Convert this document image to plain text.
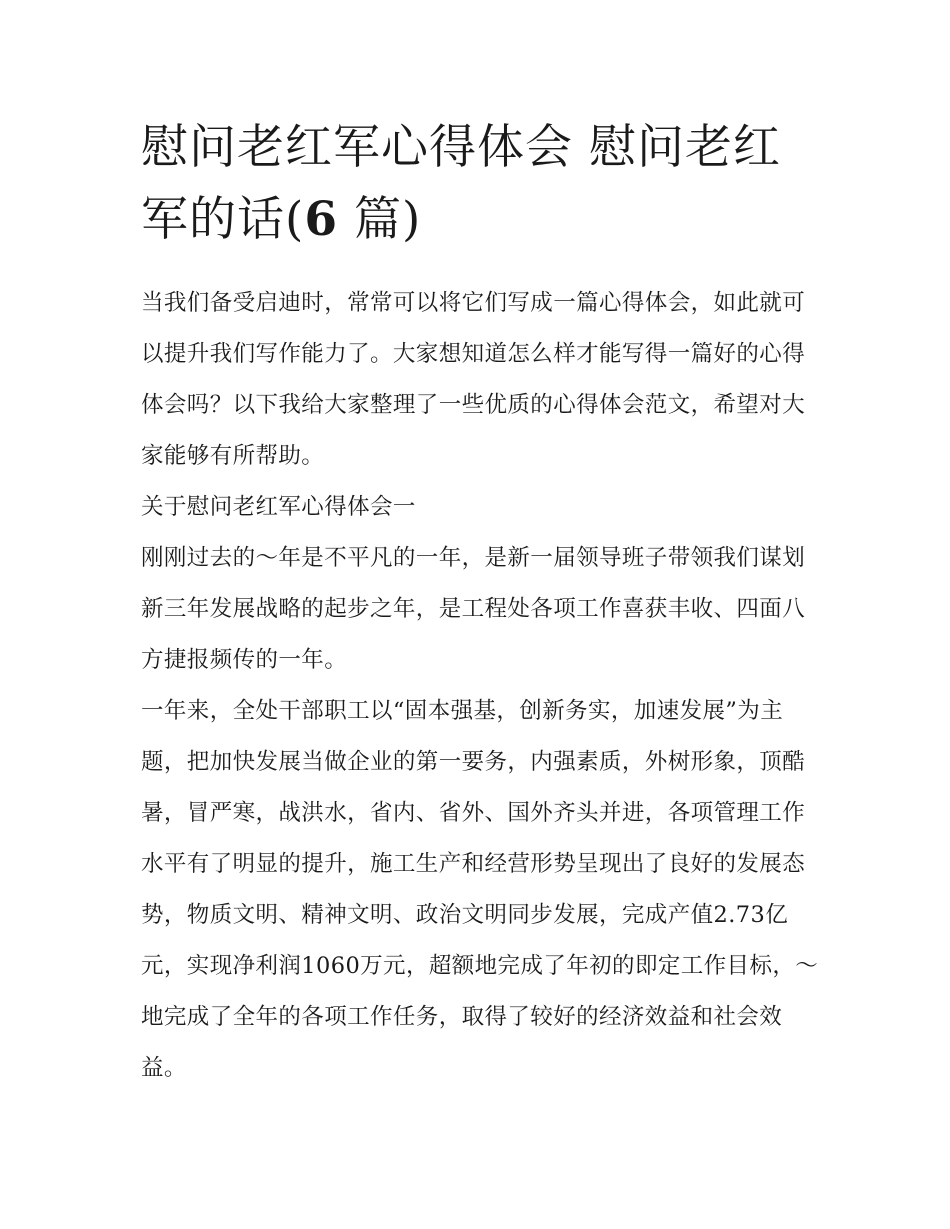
慰问老红军心得体会 慰问老红军的话(6 篇)

当我们备受启迪时，常常可以将它们写成一篇心得体会，如此就可以提升我们写作能力了。大家想知道怎么样才能写得一篇好的心得体会吗？以下我给大家整理了一些优质的心得体会范文，希望对大家能够有所帮助。

关于慰问老红军心得体会一

刚刚过去的～年是不平凡的一年，是新一届领导班子带领我们谋划新三年发展战略的起步之年，是工程处各项工作喜获丰收、四面八方捷报频传的一年。

一年来，全处干部职工以“固本强基，创新务实，加速发展”为主题，把加快发展当做企业的第一要务，内强素质，外树形象，顶酷暑，冒严寒，战洪水，省内、省外、国外齐头并进，各项管理工作水平有了明显的提升，施工生产和经营形势呈现出了良好的发展态势，物质文明、精神文明、政治文明同步发展，完成产值2.73亿元，实现净利润1060万元，超额地完成了年初的即定工作目标，～地完成了全年的各项工作任务，取得了较好的经济效益和社会效益。
